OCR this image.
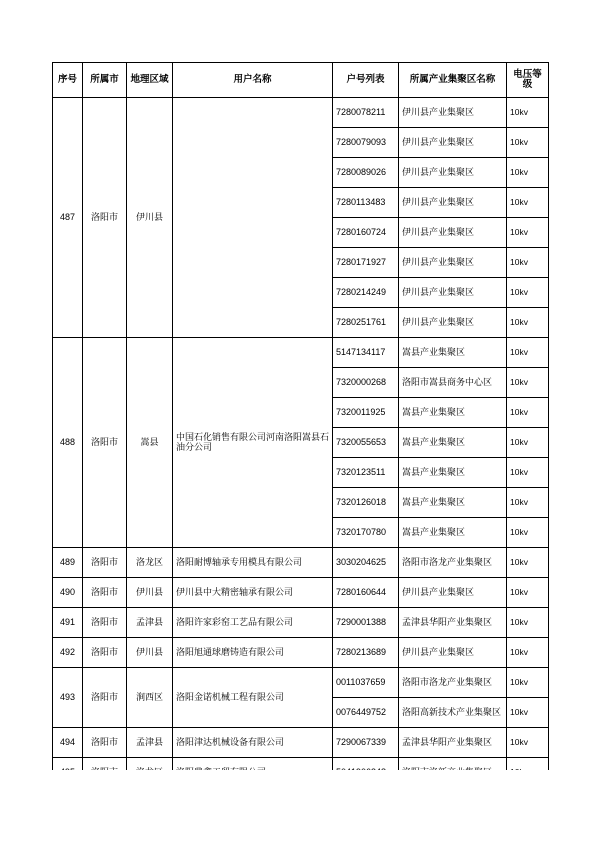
序号	所属市	地理区域	用户名称	户号列表	所属产业集聚区名称	电压等级
487	洛阳市	伊川县		7280078211	伊川县产业集聚区	10kv
				7280079093	伊川县产业集聚区	10kv
				7280089026	伊川县产业集聚区	10kv
				7280113483	伊川县产业集聚区	10kv
				7280160724	伊川县产业集聚区	10kv
				7280171927	伊川县产业集聚区	10kv
				7280214249	伊川县产业集聚区	10kv
				7280251761	伊川县产业集聚区	10kv
488	洛阳市	嵩县	中国石化销售有限公司河南洛阳嵩县石油分公司	5147134117	嵩县产业集聚区	10kv
				7320000268	洛阳市嵩县商务中心区	10kv
				7320011925	嵩县产业集聚区	10kv
				7320055653	嵩县产业集聚区	10kv
				7320123511	嵩县产业集聚区	10kv
				7320126018	嵩县产业集聚区	10kv
				7320170780	嵩县产业集聚区	10kv
489	洛阳市	洛龙区	洛阳耐博轴承专用模具有限公司	3030204625	洛阳市洛龙产业集聚区	10kv
490	洛阳市	伊川县	伊川县中大精密轴承有限公司	7280160644	伊川县产业集聚区	10kv
491	洛阳市	孟津县	洛阳许家彩窑工艺品有限公司	7290001388	孟津县华阳产业集聚区	10kv
492	洛阳市	伊川县	洛阳旭通球磨铸造有限公司	7280213689	伊川县产业集聚区	10kv
493	洛阳市	涧西区	洛阳金诺机械工程有限公司	0011037659	洛阳市洛龙产业集聚区	10kv
				0076449752	洛阳高新技术产业集聚区	10kv
494	洛阳市	孟津县	洛阳津达机械设备有限公司	7290067339	孟津县华阳产业集聚区	10kv
